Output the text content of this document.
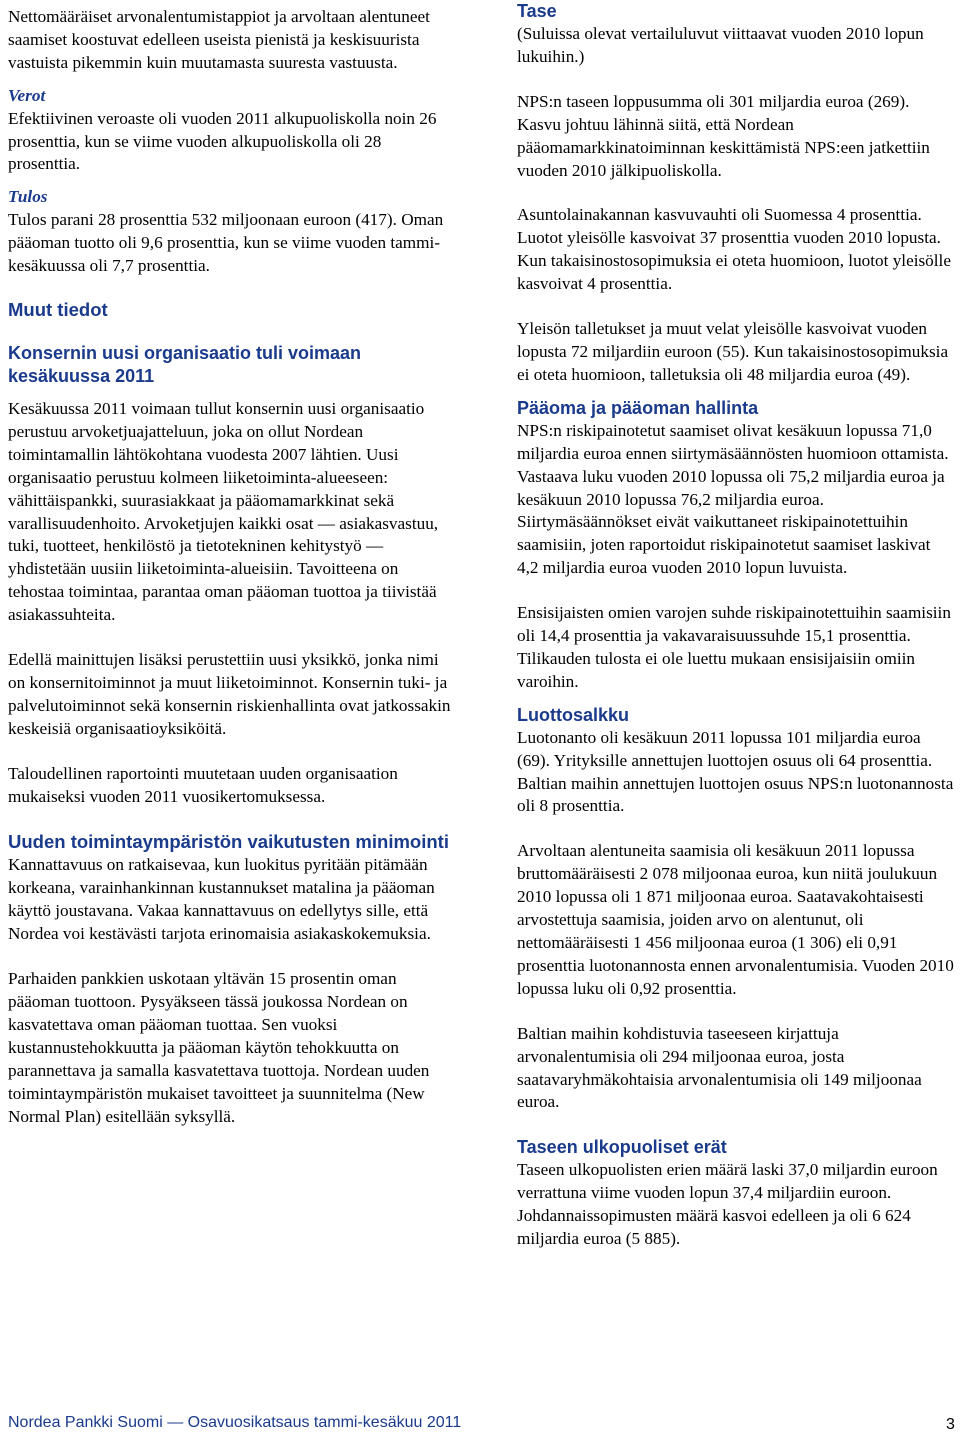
Nettomääräiset arvonalentumistappiot ja arvoltaan alentuneet saamiset koostuvat edelleen useista pienistä ja keskisuurista vastuista pikemmin kuin muutamasta suuresta vastuusta.

Verot

Efektiivinen veroaste oli vuoden 2011 alkupuoliskolla noin 26 prosenttia, kun se viime vuoden alkupuoliskolla oli 28 prosenttia.

Tulos

Tulos parani 28 prosenttia 532 miljoonaan euroon (417). Oman pääoman tuotto oli 9,6 prosenttia, kun se viime vuoden tammi-kesäkuussa oli 7,7 prosenttia.

Muut tiedot

Konsernin uusi organisaatio tuli voimaan kesäkuussa 2011

Kesäkuussa 2011 voimaan tullut konsernin uusi organisaatio perustuu arvoketjuajatteluun, joka on ollut Nordean toimintamallin lähtökohtana vuodesta 2007 lähtien. Uusi organisaatio perustuu kolmeen liiketoiminta-alueeseen: vähittäispankki, suurasiakkaat ja pääomamarkkinat sekä varallisuudenhoito. Arvoketjujen kaikki osat — asiakasvastuu, tuki, tuotteet, henkilöstö ja tietotekninen kehitystyö — yhdistetään uusiin liiketoiminta-alueisiin. Tavoitteena on tehostaa toimintaa, parantaa oman pääoman tuottoa ja tiivistää asiakassuhteita.

Edellä mainittujen lisäksi perustettiin uusi yksikkö, jonka nimi on konsernitoiminnot ja muut liiketoiminnot. Konsernin tuki- ja palvelutoiminnot sekä konsernin riskienhallinta ovat jatkossakin keskeisiä organisaatioyksiköitä.

Taloudellinen raportointi muutetaan uuden organisaation mukaiseksi vuoden 2011 vuosikertomuksessa.

Uuden toimintaympäristön vaikutusten minimointi

Kannattavuus on ratkaisevaa, kun luokitus pyritään pitämään korkeana, varainhankinnan kustannukset matalina ja pääoman käyttö joustavana. Vakaa kannattavuus on edellytys sille, että Nordea voi kestävästi tarjota erinomaisia asiakaskokemuksia.

Parhaiden pankkien uskotaan yltävän 15 prosentin oman pääoman tuottoon. Pysyäkseen tässä joukossa Nordean on kasvatettava oman pääoman tuottaa. Sen vuoksi kustannustehokkuutta ja pääoman käytön tehokkuutta on parannettava ja samalla kasvatettava tuottoja. Nordean uuden toimintaympäristön mukaiset tavoitteet ja suunnitelma (New Normal Plan) esitellään syksyllä.

Tase

(Suluissa olevat vertailuluvut viittaavat vuoden 2010 lopun lukuihin.)

NPS:n taseen loppusumma oli 301 miljardia euroa (269). Kasvu johtuu lähinnä siitä, että Nordean pääomamarkkinatoiminnan keskittämistä NPS:een jatkettiin vuoden 2010 jälkipuoliskolla.

Asuntolainakannan kasvuvauhti oli Suomessa 4 prosenttia. Luotot yleisölle kasvoivat 37 prosenttia vuoden 2010 lopusta. Kun takaisinostosopimuksia ei oteta huomioon, luotot yleisölle kasvoivat 4 prosenttia.

Yleisön talletukset ja muut velat yleisölle kasvoivat vuoden lopusta 72 miljardiin euroon (55). Kun takaisinostosopimuksia ei oteta huomioon, talletuksia oli 48 miljardia euroa (49).

Pääoma ja pääoman hallinta

NPS:n riskipainotetut saamiset olivat kesäkuun lopussa 71,0 miljardia euroa ennen siirtymäsäännösten huomioon ottamista. Vastaava luku vuoden 2010 lopussa oli 75,2 miljardia euroa ja kesäkuun 2010 lopussa 76,2 miljardia euroa. Siirtymäsäännökset eivät vaikuttaneet riskipainotettuihin saamisiin, joten raportoidut riskipainotetut saamiset laskivat 4,2 miljardia euroa vuoden 2010 lopun luvuista.

Ensisijaisten omien varojen suhde riskipainotettuihin saamisiin oli 14,4 prosenttia ja vakavaraisuussuhde 15,1 prosenttia. Tilikauden tulosta ei ole luettu mukaan ensisijaisiin omiin varoihin.

Luottosalkku

Luotonanto oli kesäkuun 2011 lopussa 101 miljardia euroa (69). Yrityksille annettujen luottojen osuus oli 64 prosenttia. Baltian maihin annettujen luottojen osuus NPS:n luotonannosta oli 8 prosenttia.

Arvoltaan alentuneita saamisia oli kesäkuun 2011 lopussa bruttomääräisesti 2 078 miljoonaa euroa, kun niitä joulukuun 2010 lopussa oli 1 871 miljoonaa euroa. Saatavakohtaisesti arvostettuja saamisia, joiden arvo on alentunut, oli nettomääräisesti 1 456 miljoonaa euroa (1 306) eli 0,91 prosenttia luotonannosta ennen arvonalentumisia. Vuoden 2010 lopussa luku oli 0,92 prosenttia.

Baltian maihin kohdistuvia taseeseen kirjattuja arvonalentumisia oli 294 miljoonaa euroa, josta saatavaryhmäkohtaisia arvonalentumisia oli 149 miljoonaa euroa.

Taseen ulkopuoliset erät

Taseen ulkopuolisten erien määrä laski 37,0 miljardin euroon verrattuna viime vuoden lopun 37,4 miljardiin euroon. Johdannaissopimusten määrä kasvoi edelleen ja oli 6 624 miljardia euroa (5 885).

Nordea Pankki Suomi — Osavuosikatsaus tammi-kesäkuu 2011	3
